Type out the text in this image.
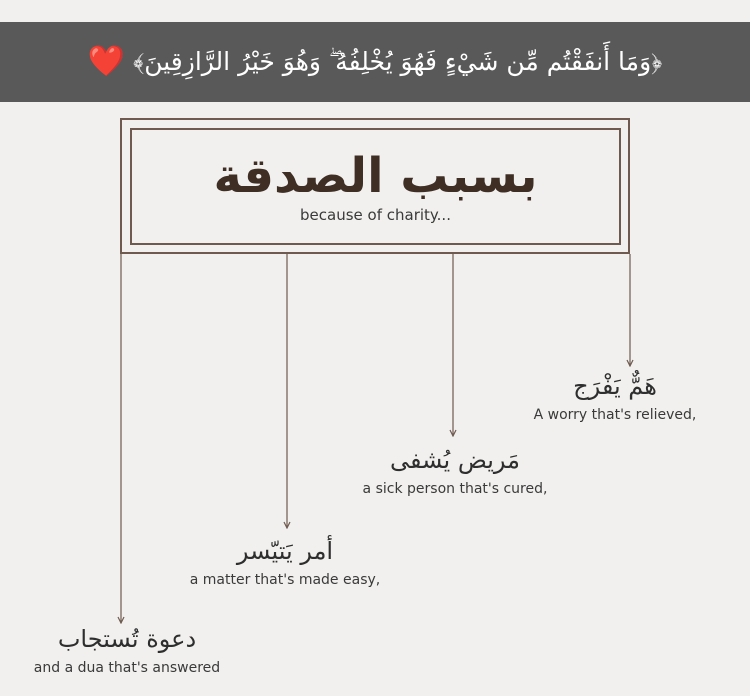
﴿وَمَا أَنفَقْتُم مِّن شَيْءٍ فَهُوَ يُخْلِفُهُ ۖ وَهُوَ خَيْرُ الرَّازِقِينَ﴾
❤️
بسبب الصدقة
because of charity...
هَمٌّ يَفْرَج
A worry that's relieved,
مَريض يُشفى
a sick person that's cured,
أمر يَتيّسر
a matter that's made easy,
دعوة تُستجاب
and a dua that's answered
